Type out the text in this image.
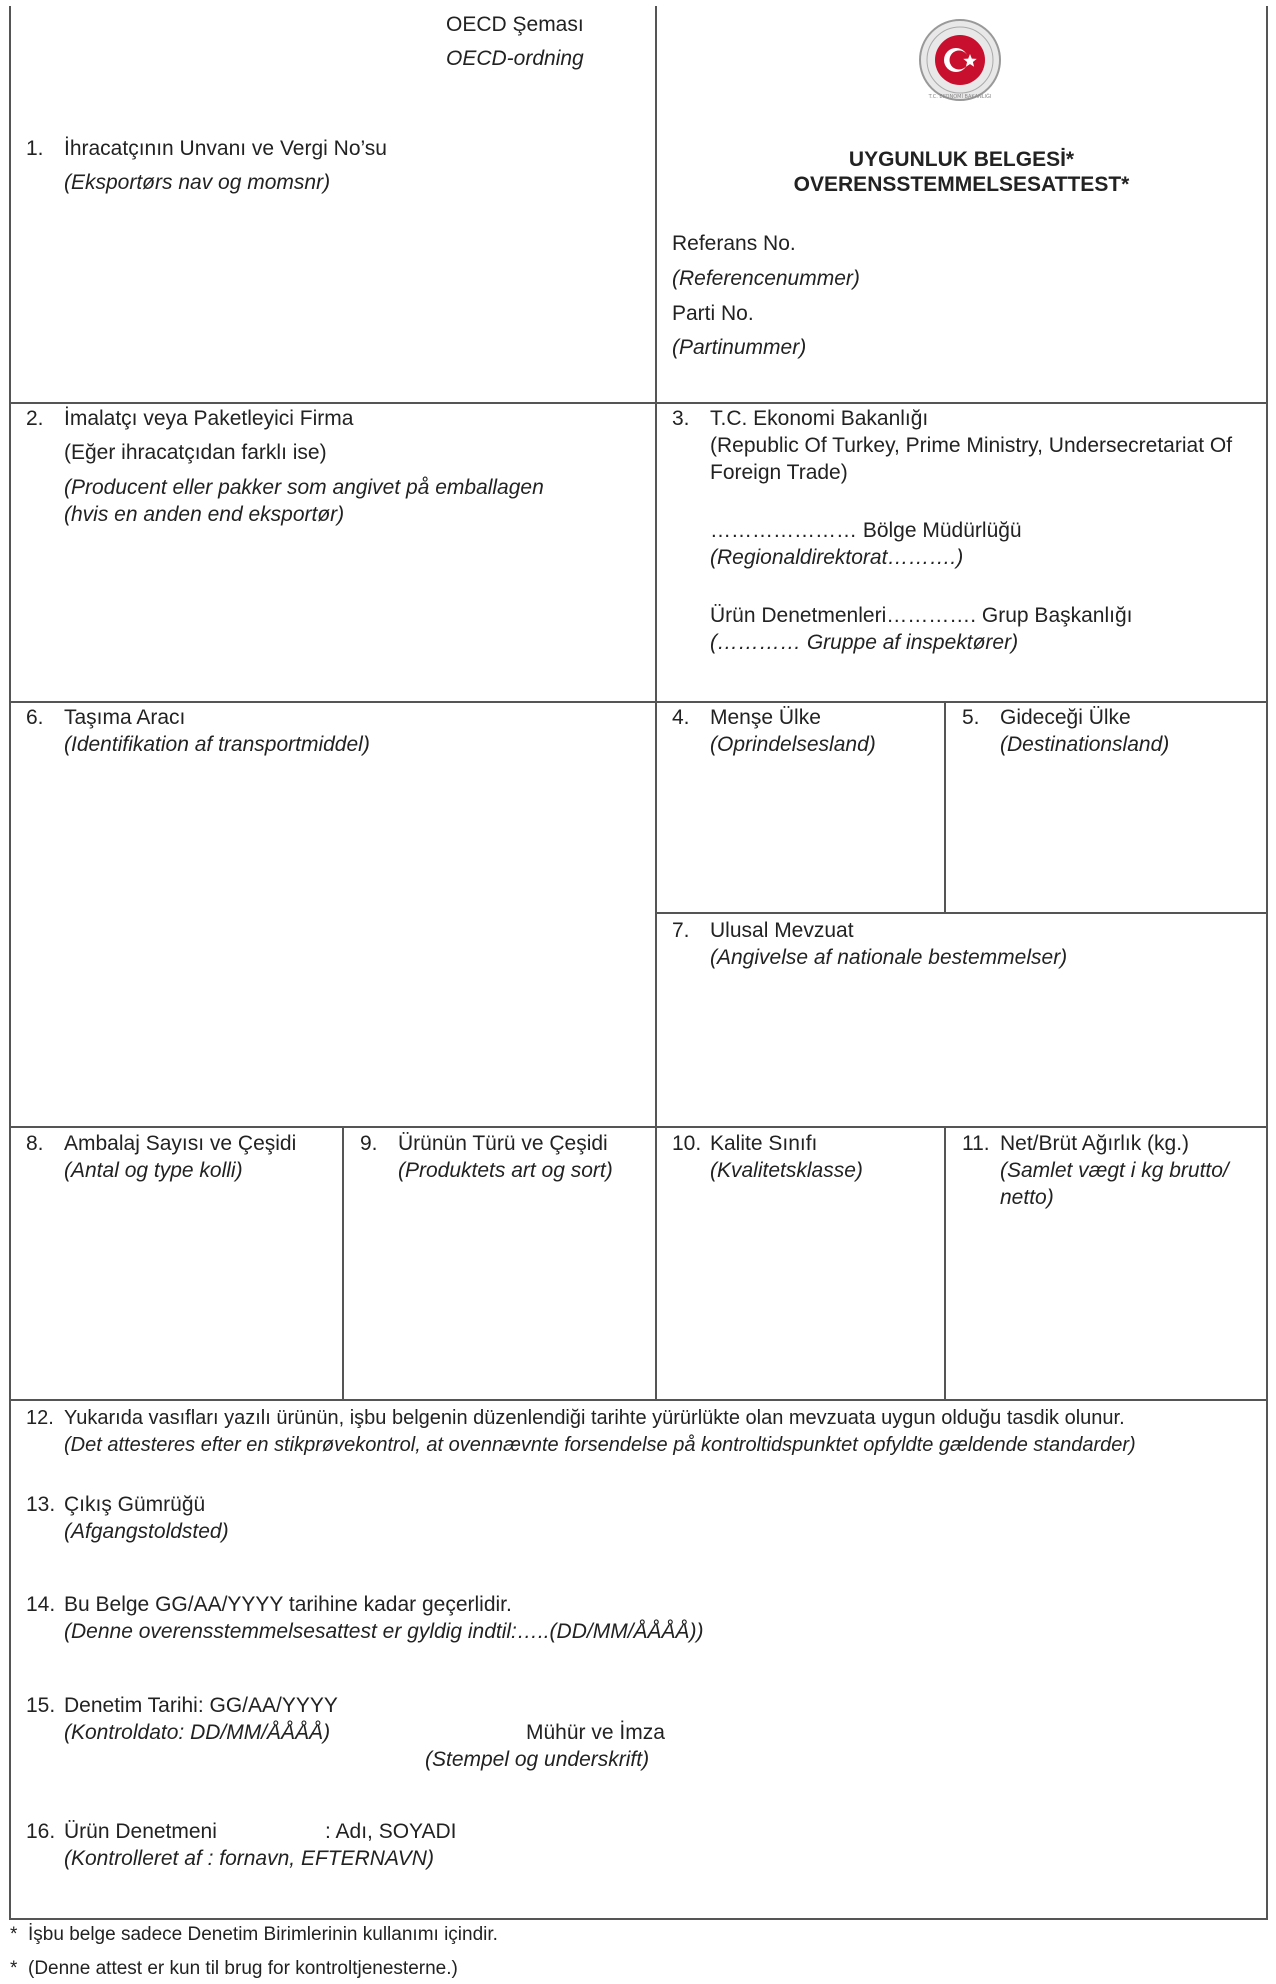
OECD Şeması
OECD-ordning
T.C. EKONOMİ BAKANLIĞI
1. İhracatçının Unvanı ve Vergi No’su
(Eksportørs nav og momsnr)
UYGUNLUK BELGESİ*
OVERENSSTEMMELSESATTEST*
Referans No.
(Referencenummer)
Parti No.
(Partinummer)
2. İmalatçı veya Paketleyici Firma
(Eğer ihracatçıdan farklı ise)
(Producent eller pakker som angivet på emballagen
(hvis en anden end eksportør)
3. T.C. Ekonomi Bakanlığı
(Republic Of Turkey, Prime Ministry, Undersecretariat Of Foreign Trade)
………………… Bölge Müdürlüğü
(Regionaldirektorat……….)
Ürün Denetmenleri…………. Grup Başkanlığı
(………… Gruppe af inspektører)
6. Taşıma Aracı
(Identifikation af transportmiddel)
4. Menşe Ülke
(Oprindelsesland)
5. Gideceği Ülke
(Destinationsland)
7. Ulusal Mevzuat
(Angivelse af nationale bestemmelser)
8. Ambalaj Sayısı ve Çeşidi
(Antal og type kolli)
9. Ürünün Türü ve Çeşidi
(Produktets art og sort)
10. Kalite Sınıfı
(Kvalitetsklasse)
11. Net/Brüt Ağırlık (kg.)
(Samlet vægt i kg brutto/
netto)
12. Yukarıda vasıfları yazılı ürünün, işbu belgenin düzenlendiği tarihte yürürlükte olan mevzuata uygun olduğu tasdik olunur.
(Det attesteres efter en stikprøvekontrol, at ovennævnte forsendelse på kontroltidspunktet opfyldte gældende standarder)
13. Çıkış Gümrüğü
(Afgangstoldsted)
14. Bu Belge GG/AA/YYYY tarihine kadar geçerlidir.
(Denne overensstemmelsesattest er gyldig indtil:…..(DD/MM/ÅÅÅÅ))
15. Denetim Tarihi: GG/AA/YYYY
(Kontroldato: DD/MM/ÅÅÅÅ)	Mühür ve İmza
(Stempel og underskrift)
16. Ürün Denetmeni	: Adı, SOYADI
(Kontrolleret af : fornavn, EFTERNAVN)
* İşbu belge sadece Denetim Birimlerinin kullanımı içindir.
* (Denne attest er kun til brug for kontroltjenesterne.)
